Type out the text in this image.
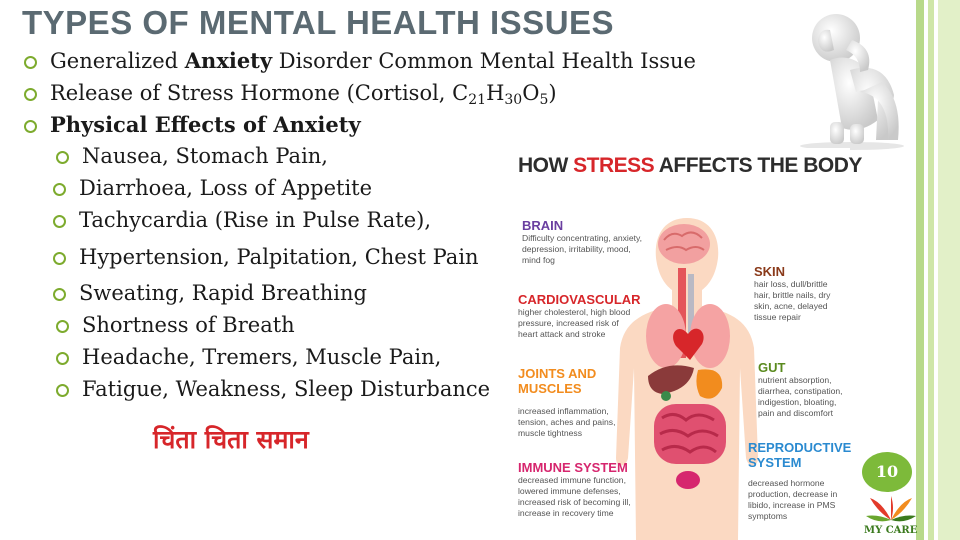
TYPES OF MENTAL HEALTH ISSUES
Generalized Anxiety Disorder Common Mental Health Issue
Release of Stress Hormone (Cortisol, $C_{21}H_{30}O_5$)
Physical Effects of Anxiety
Nausea, Stomach Pain,
Diarrhoea, Loss of Appetite
Tachycardia (Rise in Pulse Rate),
Hypertension, Palpitation, Chest Pain
Sweating, Rapid Breathing
Shortness of Breath
Headache, Tremers, Muscle Pain,
Fatigue, Weakness, Sleep Disturbance
चिंता चिता समान
HOW STRESS AFFECTS THE BODY
BRAIN
Difficulty concentrating, anxiety,
depression, irritability, mood,
mind fog
CARDIOVASCULAR
higher cholesterol, high blood
pressure, increased risk of
heart attack and stroke
JOINTS AND
MUSCLES
increased inflammation,
tension, aches and pains,
muscle tightness
IMMUNE SYSTEM
decreased immune function,
lowered immune defenses,
increased risk of becoming ill,
increase in recovery time
SKIN
hair loss, dull/brittle
hair, brittle nails, dry
skin, acne, delayed
tissue repair
GUT
nutrient absorption,
diarrhea, constipation,
indigestion, bloating,
pain and discomfort
REPRODUCTIVE
SYSTEM
decreased hormone
production, decrease in
libido, increase in PMS
symptoms
10
MY CARE
